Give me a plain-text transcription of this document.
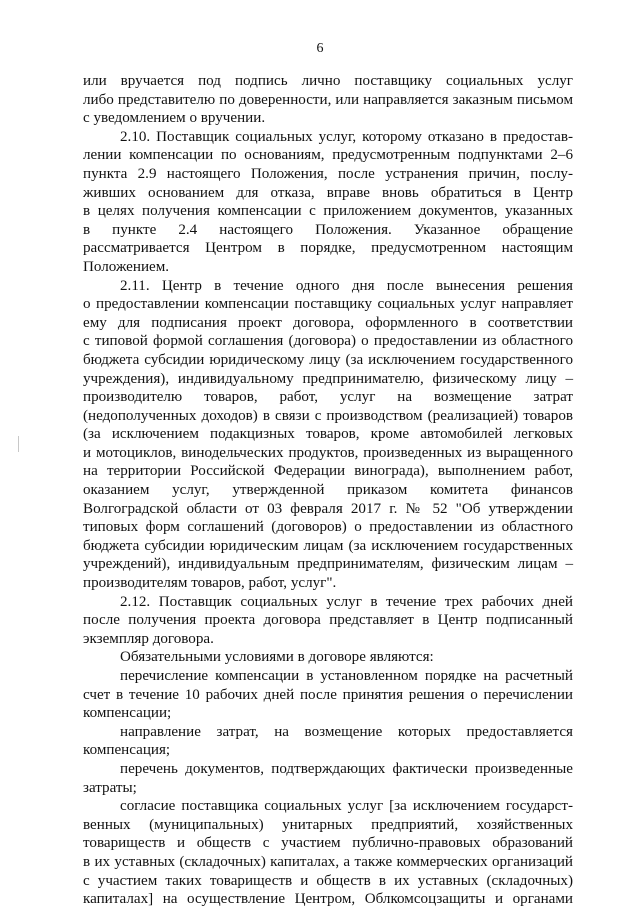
6

или вручается под подпись лично поставщику социальных услуг
либо представителю по доверенности, или направляется заказным письмом
с уведомлением о вручении.

2.10. Поставщик социальных услуг, которому отказано в предостав-
лении компенсации по основаниям, предусмотренным подпунктами 2–6
пункта 2.9 настоящего Положения, после устранения причин, послу-
живших основанием для отказа, вправе вновь обратиться в Центр
в целях получения компенсации с приложением документов, указанных
в пункте 2.4 настоящего Положения. Указанное обращение
рассматривается Центром в порядке, предусмотренном настоящим
Положением.

2.11. Центр в течение одного дня после вынесения решения
о предоставлении компенсации поставщику социальных услуг направляет
ему для подписания проект договора, оформленного в соответствии
с типовой формой соглашения (договора) о предоставлении из областного
бюджета субсидии юридическому лицу (за исключением государственного
учреждения), индивидуальному предпринимателю, физическому лицу –
производителю товаров, работ, услуг на возмещение затрат
(недополученных доходов) в связи с производством (реализацией) товаров
(за исключением подакцизных товаров, кроме автомобилей легковых
и мотоциклов, винодельческих продуктов, произведенных из выращенного
на территории Российской Федерации винограда), выполнением работ,
оказанием услуг, утвержденной приказом комитета финансов
Волгоградской области от 03 февраля 2017 г. № 52 "Об утверждении
типовых форм соглашений (договоров) о предоставлении из областного
бюджета субсидии юридическим лицам (за исключением государственных
учреждений), индивидуальным предпринимателям, физическим лицам –
производителям товаров, работ, услуг".

2.12. Поставщик социальных услуг в течение трех рабочих дней
после получения проекта договора представляет в Центр подписанный
экземпляр договора.

Обязательными условиями в договоре являются:

перечисление компенсации в установленном порядке на расчетный
счет в течение 10 рабочих дней после принятия решения о перечислении
компенсации;

направление затрат, на возмещение которых предоставляется
компенсация;

перечень документов, подтверждающих фактически произведенные
затраты;

согласие поставщика социальных услуг [за исключением государст-
венных (муниципальных) унитарных предприятий, хозяйственных
товариществ и обществ с участием публично-правовых образований
в их уставных (складочных) капиталах, а также коммерческих организаций
с участием таких товариществ и обществ в их уставных (складочных)
капиталах] на осуществление Центром, Облкомсоцзащиты и органами
